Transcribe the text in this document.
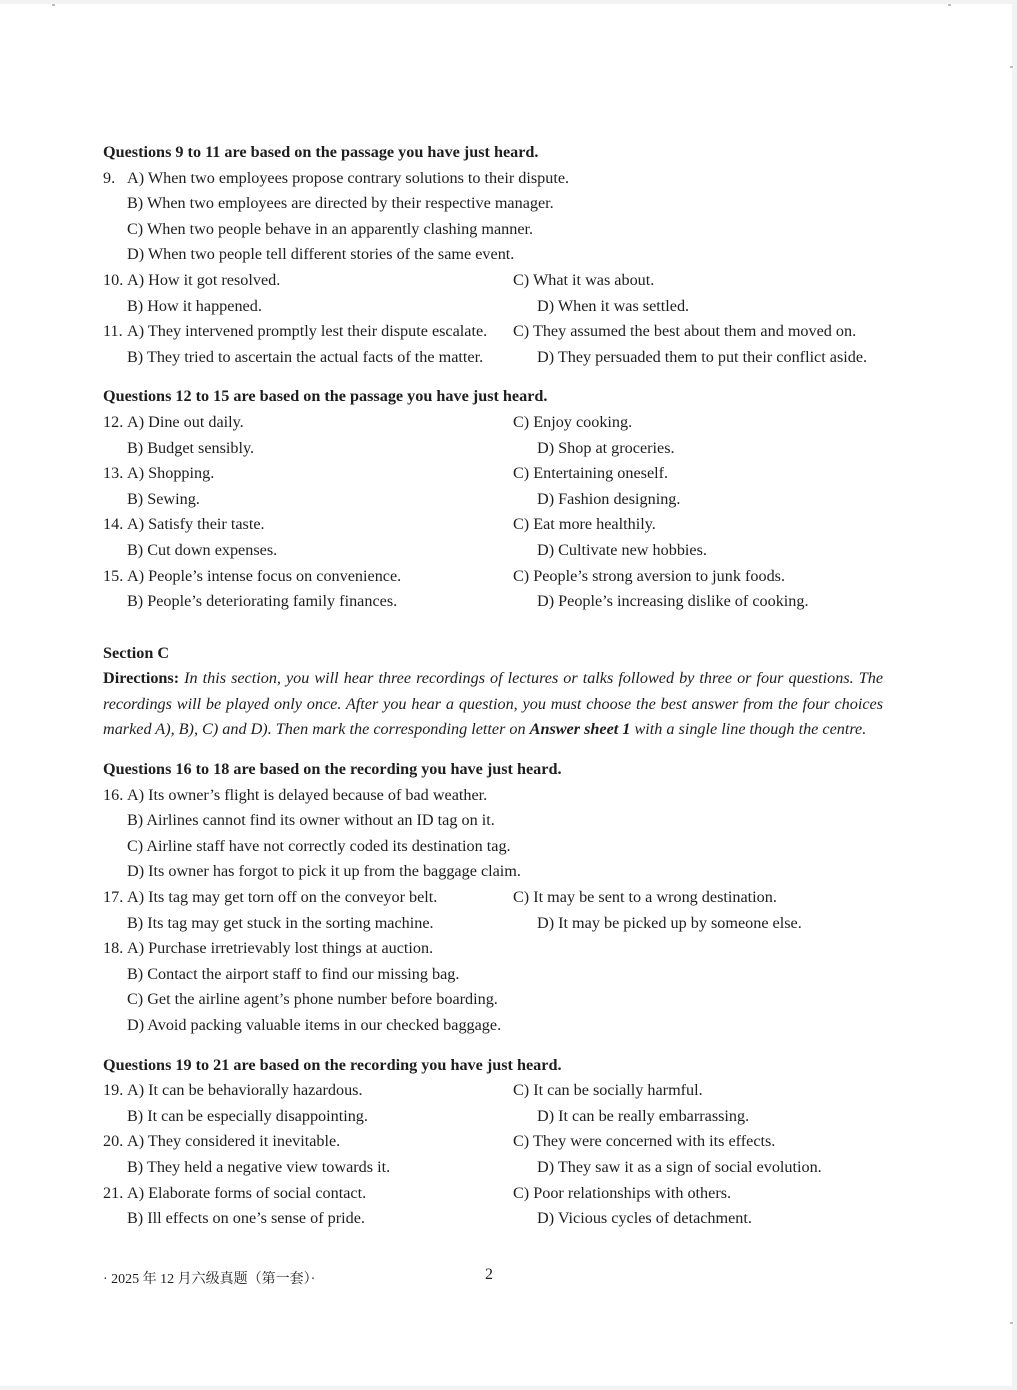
Questions 9 to 11 are based on the passage you have just heard.
9. A) When two employees propose contrary solutions to their dispute.
B) When two employees are directed by their respective manager.
C) When two people behave in an apparently clashing manner.
D) When two people tell different stories of the same event.
10. A) How it got resolved.	C) What it was about.
B) How it happened.	D) When it was settled.
11. A) They intervened promptly lest their dispute escalate. C) They assumed the best about them and moved on.
B) They tried to ascertain the actual facts of the matter.	D) They persuaded them to put their conflict aside.
Questions 12 to 15 are based on the passage you have just heard.
12. A) Dine out daily.	C) Enjoy cooking.
B) Budget sensibly.	D) Shop at groceries.
13. A) Shopping.	C) Entertaining oneself.
B) Sewing.	D) Fashion designing.
14. A) Satisfy their taste.	C) Eat more healthily.
B) Cut down expenses.	D) Cultivate new hobbies.
15. A) People’s intense focus on convenience.	C) People’s strong aversion to junk foods.
B) People’s deteriorating family finances.	D) People’s increasing dislike of cooking.
Section C
Directions: In this section, you will hear three recordings of lectures or talks followed by three or four questions. The recordings will be played only once. After you hear a question, you must choose the best answer from the four choices marked A), B), C) and D). Then mark the corresponding letter on Answer sheet 1 with a single line though the centre.
Questions 16 to 18 are based on the recording you have just heard.
16. A) Its owner’s flight is delayed because of bad weather.
B) Airlines cannot find its owner without an ID tag on it.
C) Airline staff have not correctly coded its destination tag.
D) Its owner has forgot to pick it up from the baggage claim.
17. A) Its tag may get torn off on the conveyor belt.	C) It may be sent to a wrong destination.
B) Its tag may get stuck in the sorting machine.	D) It may be picked up by someone else.
18. A) Purchase irretrievably lost things at auction.
B) Contact the airport staff to find our missing bag.
C) Get the airline agent’s phone number before boarding.
D) Avoid packing valuable items in our checked baggage.
Questions 19 to 21 are based on the recording you have just heard.
19. A) It can be behaviorally hazardous.	C) It can be socially harmful.
B) It can be especially disappointing.	D) It can be really embarrassing.
20. A) They considered it inevitable.	C) They were concerned with its effects.
B) They held a negative view towards it.	D) They saw it as a sign of social evolution.
21. A) Elaborate forms of social contact.	C) Poor relationships with others.
B) Ill effects on one’s sense of pride.	D) Vicious cycles of detachment.
· 2025 年 12 月六级真题（第一套）·	2
